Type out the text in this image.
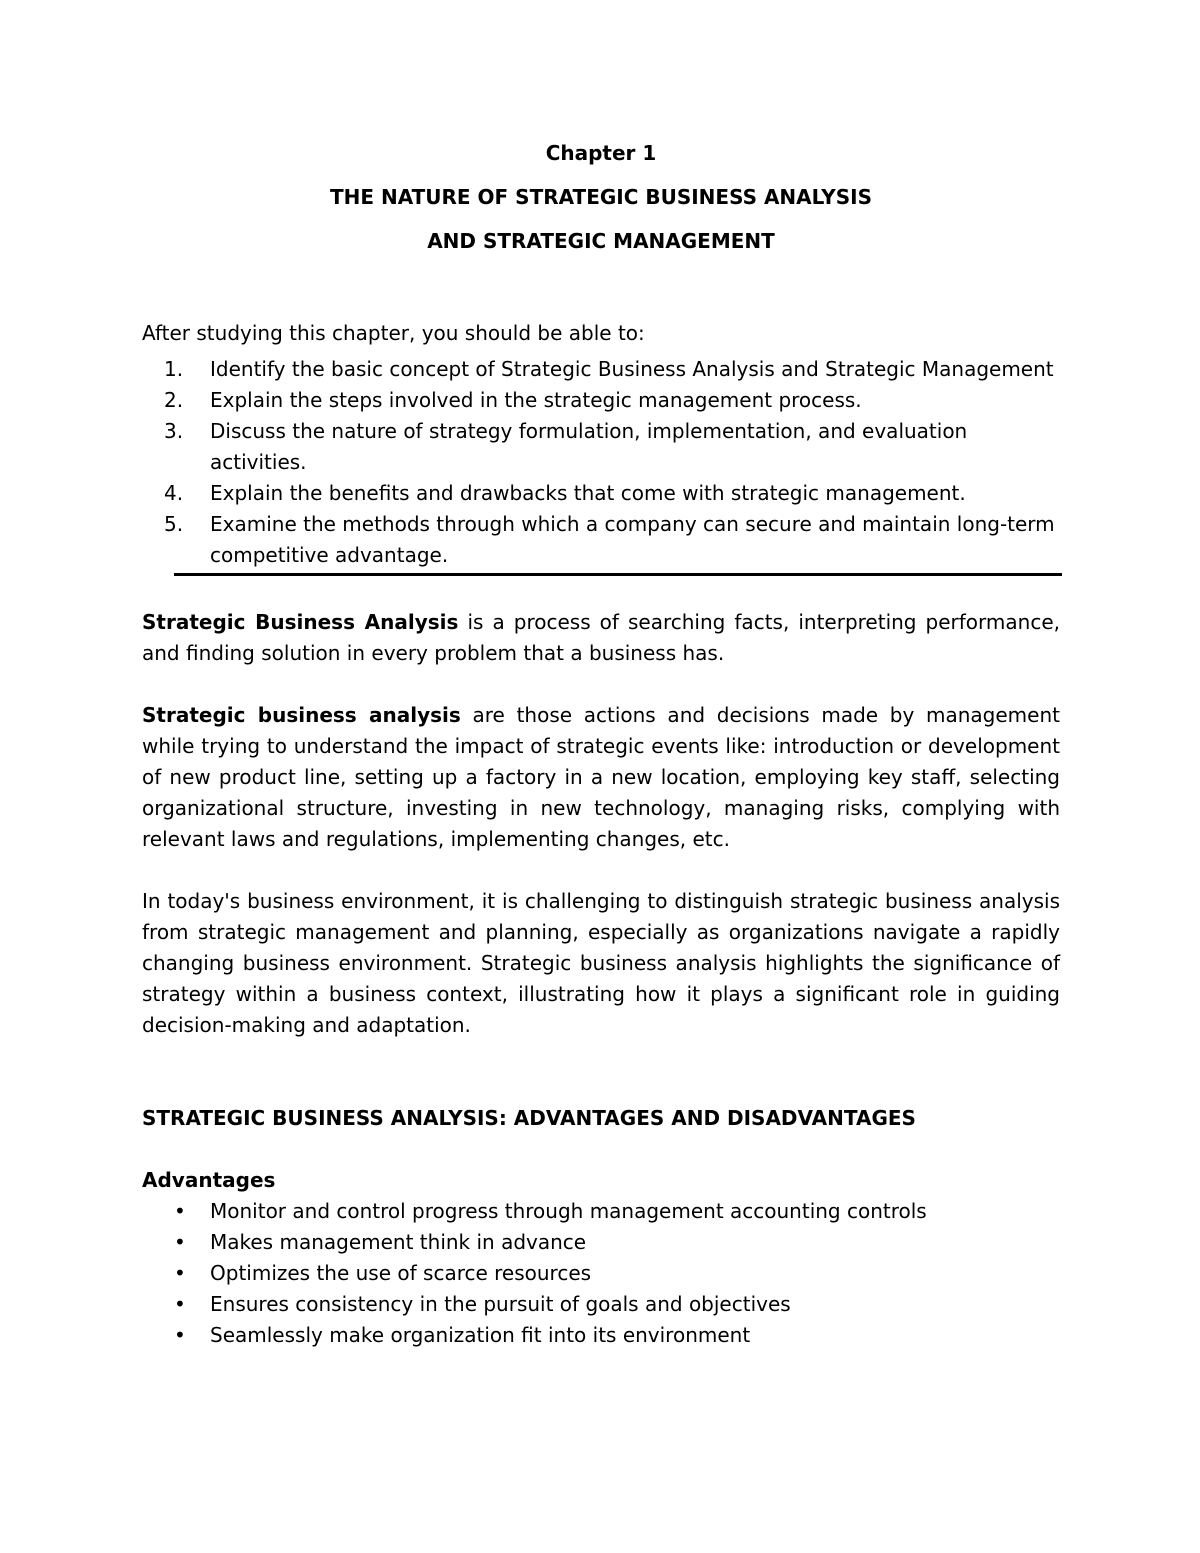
Chapter 1
THE NATURE OF STRATEGIC BUSINESS ANALYSIS
AND STRATEGIC MANAGEMENT
After studying this chapter, you should be able to:
1. Identify the basic concept of Strategic Business Analysis and Strategic Management
2. Explain the steps involved in the strategic management process.
3. Discuss the nature of strategy formulation, implementation, and evaluation activities.
4. Explain the benefits and drawbacks that come with strategic management.
5. Examine the methods through which a company can secure and maintain long-term competitive advantage.
Strategic Business Analysis is a process of searching facts, interpreting performance, and finding solution in every problem that a business has.
Strategic business analysis are those actions and decisions made by management while trying to understand the impact of strategic events like: introduction or development of new product line, setting up a factory in a new location, employing key staff, selecting organizational structure, investing in new technology, managing risks, complying with relevant laws and regulations, implementing changes, etc.
In today's business environment, it is challenging to distinguish strategic business analysis from strategic management and planning, especially as organizations navigate a rapidly changing business environment. Strategic business analysis highlights the significance of strategy within a business context, illustrating how it plays a significant role in guiding decision-making and adaptation.
STRATEGIC BUSINESS ANALYSIS: ADVANTAGES AND DISADVANTAGES
Advantages
• Monitor and control progress through management accounting controls
• Makes management think in advance
• Optimizes the use of scarce resources
• Ensures consistency in the pursuit of goals and objectives
• Seamlessly make organization fit into its environment
